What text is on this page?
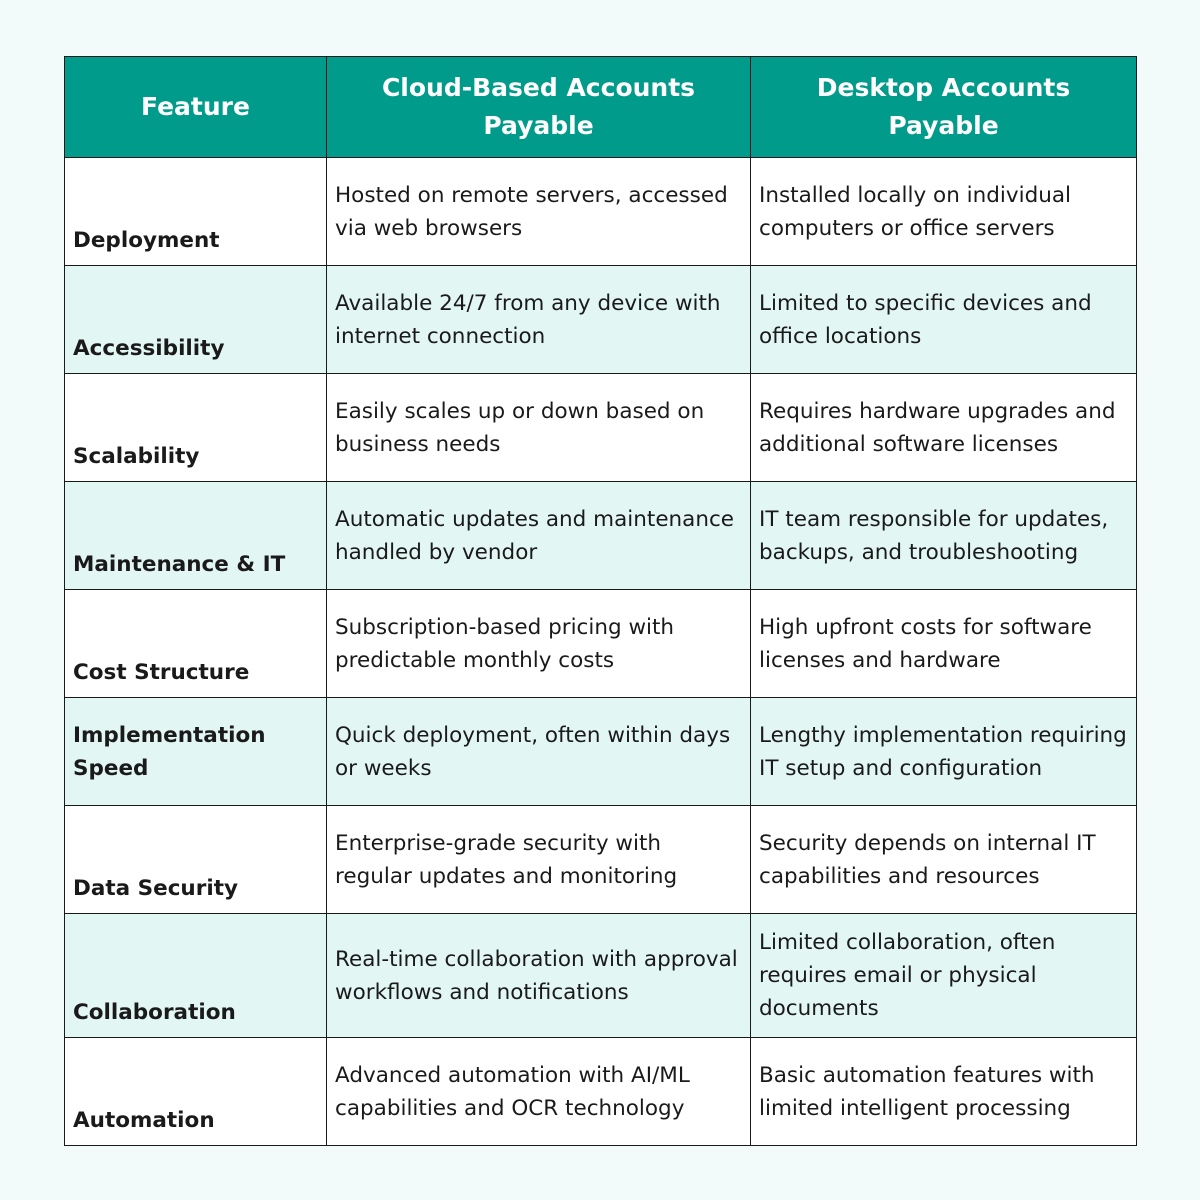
Feature	Cloud-Based Accounts Payable	Desktop Accounts Payable
Deployment	Hosted on remote servers, accessed via web browsers	Installed locally on individual computers or office servers
Accessibility	Available 24/7 from any device with internet connection	Limited to specific devices and office locations
Scalability	Easily scales up or down based on business needs	Requires hardware upgrades and additional software licenses
Maintenance & IT	Automatic updates and maintenance handled by vendor	IT team responsible for updates, backups, and troubleshooting
Cost Structure	Subscription-based pricing with predictable monthly costs	High upfront costs for software licenses and hardware
Implementation Speed	Quick deployment, often within days or weeks	Lengthy implementation requiring IT setup and configuration
Data Security	Enterprise-grade security with regular updates and monitoring	Security depends on internal IT capabilities and resources
Collaboration	Real-time collaboration with approval workflows and notifications	Limited collaboration, often requires email or physical documents
Automation	Advanced automation with AI/ML capabilities and OCR technology	Basic automation features with limited intelligent processing
